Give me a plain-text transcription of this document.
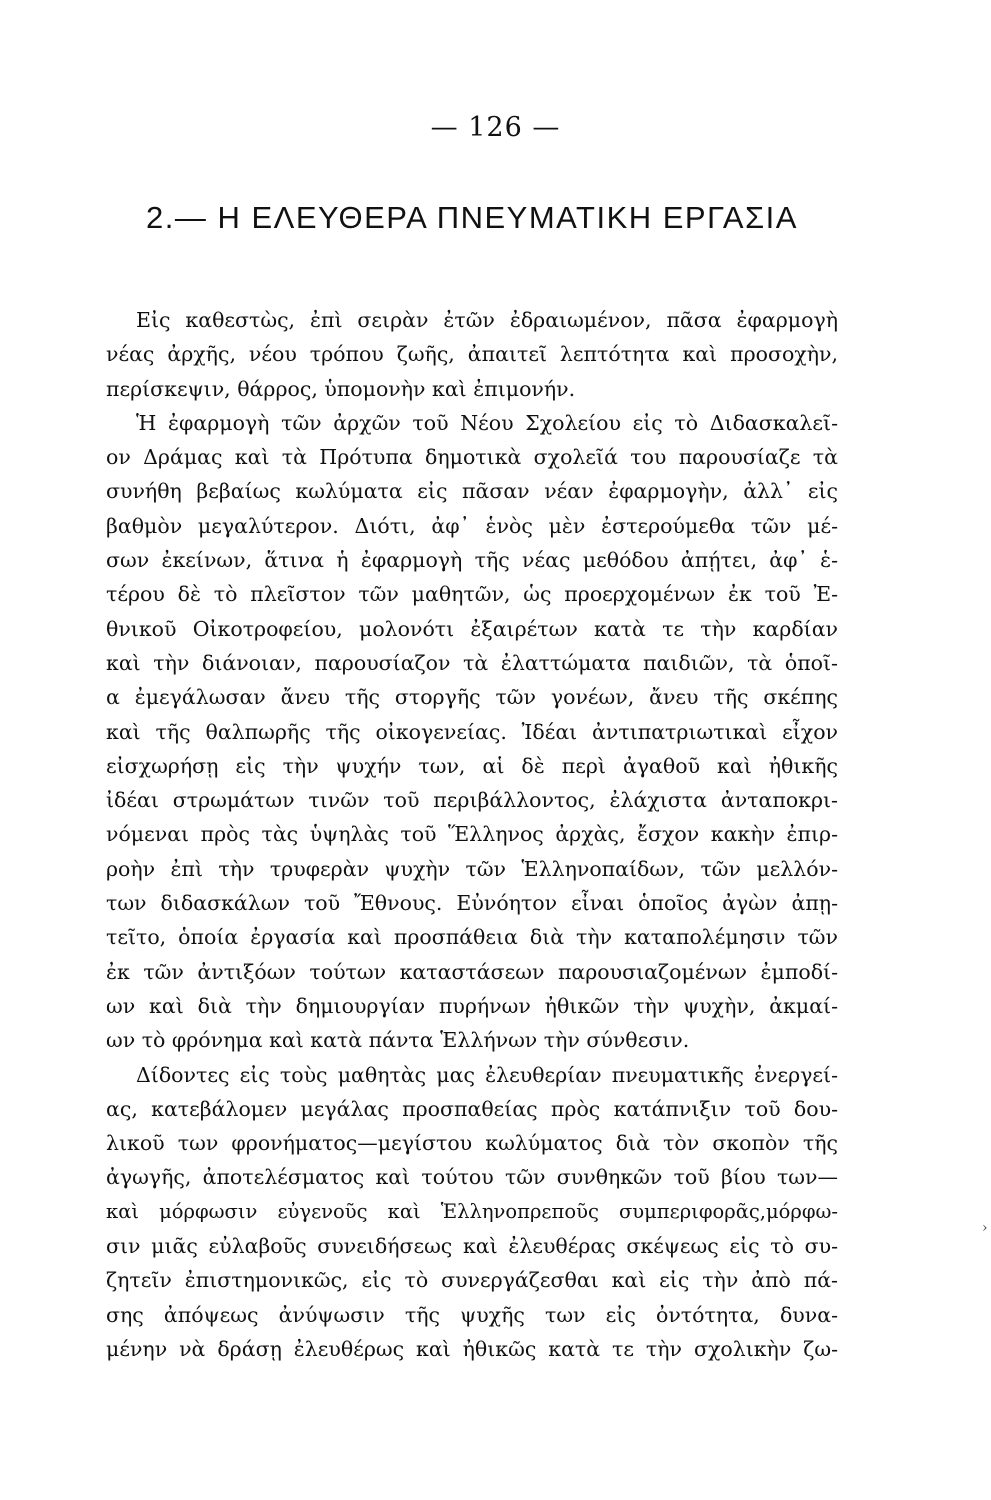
— 126 —
2.— Η ΕΛΕΥΘΕΡΑ ΠΝΕΥΜΑΤΙΚΗ ΕΡΓΑΣΙΑ
Εἰς καθεστὼς, ἐπὶ σειρὰν ἐτῶν ἐδραιωμένον, πᾶσα ἐφαρμογὴ
νέας ἀρχῆς, νέου τρόπου ζωῆς, ἀπαιτεῖ λεπτότητα καὶ προσοχὴν,
περίσκεψιν, θάρρος, ὑπομονὴν καὶ ἐπιμονήν.
Ἡ ἐφαρμογὴ τῶν ἀρχῶν τοῦ Νέου Σχολείου εἰς τὸ Διδασκαλεῖ-
ον Δράμας καὶ τὰ Πρότυπα δημοτικὰ σχολεῖά του παρουσίαζε τὰ
συνήθη βεβαίως κωλύματα εἰς πᾶσαν νέαν ἐφαρμογὴν, ἀλλ᾽ εἰς
βαθμὸν μεγαλύτερον. Διότι, ἀφ᾽ ἑνὸς μὲν ἐστερούμεθα τῶν μέ-
σων ἐκείνων, ἅτινα ἡ ἐφαρμογὴ τῆς νέας μεθόδου ἀπῄτει, ἀφ᾽ ἑ-
τέρου δὲ τὸ πλεῖστον τῶν μαθητῶν, ὡς προερχομένων ἐκ τοῦ Ἐ-
θνικοῦ Οἰκοτροφείου, μολονότι ἐξαιρέτων κατὰ τε τὴν καρδίαν
καὶ τὴν διάνοιαν, παρουσίαζον τὰ ἐλαττώματα παιδιῶν, τὰ ὁποῖ-
α ἐμεγάλωσαν ἄνευ τῆς στοργῆς τῶν γονέων, ἄνευ τῆς σκέπης
καὶ τῆς θαλπωρῆς τῆς οἰκογενείας. Ἰδέαι ἀντιπατριωτικαὶ εἶχον
εἰσχωρήσῃ εἰς τὴν ψυχήν των, αἱ δὲ περὶ ἀγαθοῦ καὶ ἠθικῆς
ἰδέαι στρωμάτων τινῶν τοῦ περιβάλλοντος, ἐλάχιστα ἀνταποκρι-
νόμεναι πρὸς τὰς ὑψηλὰς τοῦ Ἕλληνος ἀρχὰς, ἔσχον κακὴν ἐπιρ-
ροὴν ἐπὶ τὴν τρυφερὰν ψυχὴν τῶν Ἑλληνοπαίδων, τῶν μελλόν-
των διδασκάλων τοῦ Ἔθνους. Εὐνόητον εἶναι ὁποῖος ἀγὼν ἀπῃ-
τεῖτο, ὁποία ἐργασία καὶ προσπάθεια διὰ τὴν καταπολέμησιν τῶν
ἐκ τῶν ἀντιξόων τούτων καταστάσεων παρουσιαζομένων ἐμποδί-
ων καὶ διὰ τὴν δημιουργίαν πυρήνων ἠθικῶν τὴν ψυχὴν, ἀκμαί-
ων τὸ φρόνημα καὶ κατὰ πάντα Ἑλλήνων τὴν σύνθεσιν.
Δίδοντες εἰς τοὺς μαθητὰς μας ἐλευθερίαν πνευματικῆς ἐνεργεί-
ας, κατεβάλομεν μεγάλας προσπαθείας πρὸς κατάπνιξιν τοῦ δου-
λικοῦ των φρονήματος—μεγίστου κωλύματος διὰ τὸν σκοπὸν τῆς
ἀγωγῆς, ἀποτελέσματος καὶ τούτου τῶν συνθηκῶν τοῦ βίου των—
καὶ μόρφωσιν εὐγενοῦς καὶ Ἑλληνοπρεποῦς συμπεριφορᾶς,μόρφω-
σιν μιᾶς εὐλαβοῦς συνειδήσεως καὶ ἐλευθέρας σκέψεως εἰς τὸ συ-
ζητεῖν ἐπιστημονικῶς, εἰς τὸ συνεργάζεσθαι καὶ εἰς τὴν ἀπὸ πά-
σης ἀπόψεως ἀνύψωσιν τῆς ψυχῆς των εἰς ὀντότητα, δυνα-
μένην νὰ δράσῃ ἐλευθέρως καὶ ἠθικῶς κατὰ τε τὴν σχολικὴν ζω-
›
